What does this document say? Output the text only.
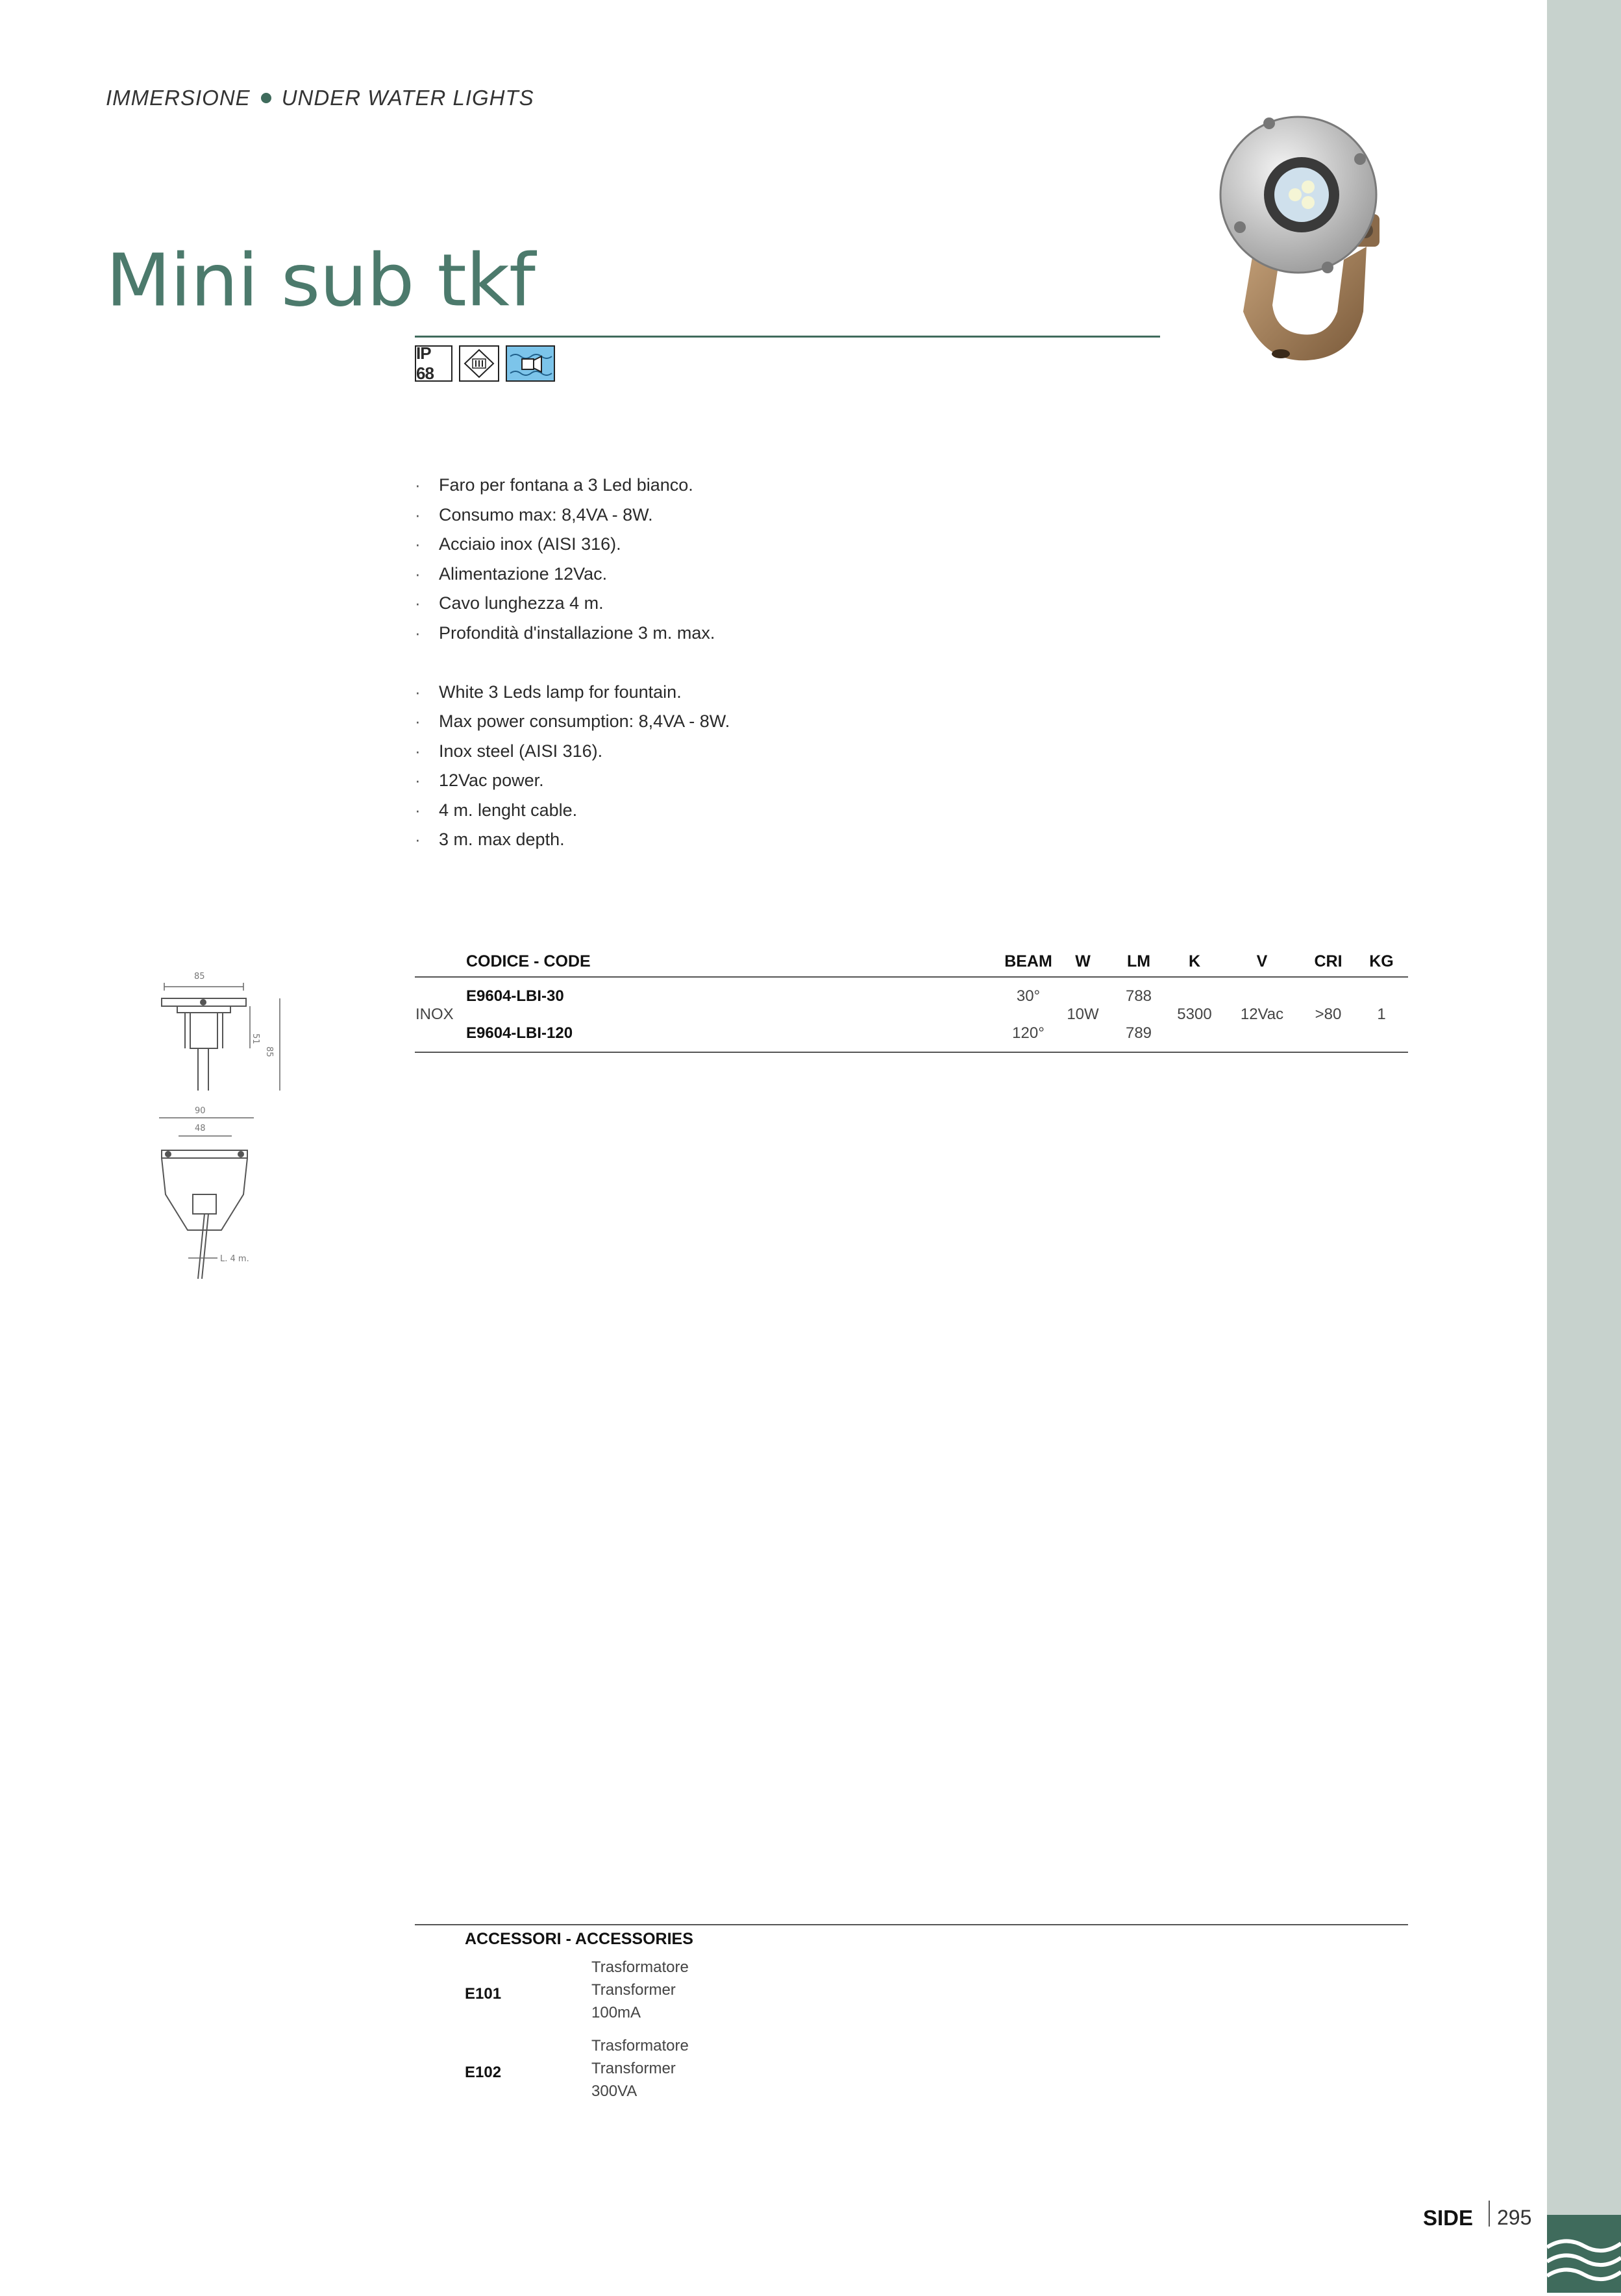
IMMERSIONE UNDER WATER LIGHTS
Mini sub tkf
IP 68
· Faro per fontana a 3 Led bianco.
· Consumo max: 8,4VA - 8W.
· Acciaio inox (AISI 316).
· Alimentazione 12Vac.
· Cavo lunghezza 4 m.
· Profondità d'installazione 3 m. max.
· White 3 Leds lamp for fountain.
· Max power consumption: 8,4VA - 8W.
· Inox steel (AISI 316).
· 12Vac power.
· 4 m. lenght cable.
· 3 m. max depth.
85
51
85
90
48
L. 4 m.
	CODICE - CODE	BEAM	W	LM	K	V	CRI	KG
INOX	E9604-LBI-30	30°	10W	788	5300	12Vac	>80	1
	E9604-LBI-120	120°		789				
ACCESSORI - ACCESSORIES
E101
Trasformatore
Transformer
100mA
E102
Trasformatore
Transformer
300VA
SIDE 295
